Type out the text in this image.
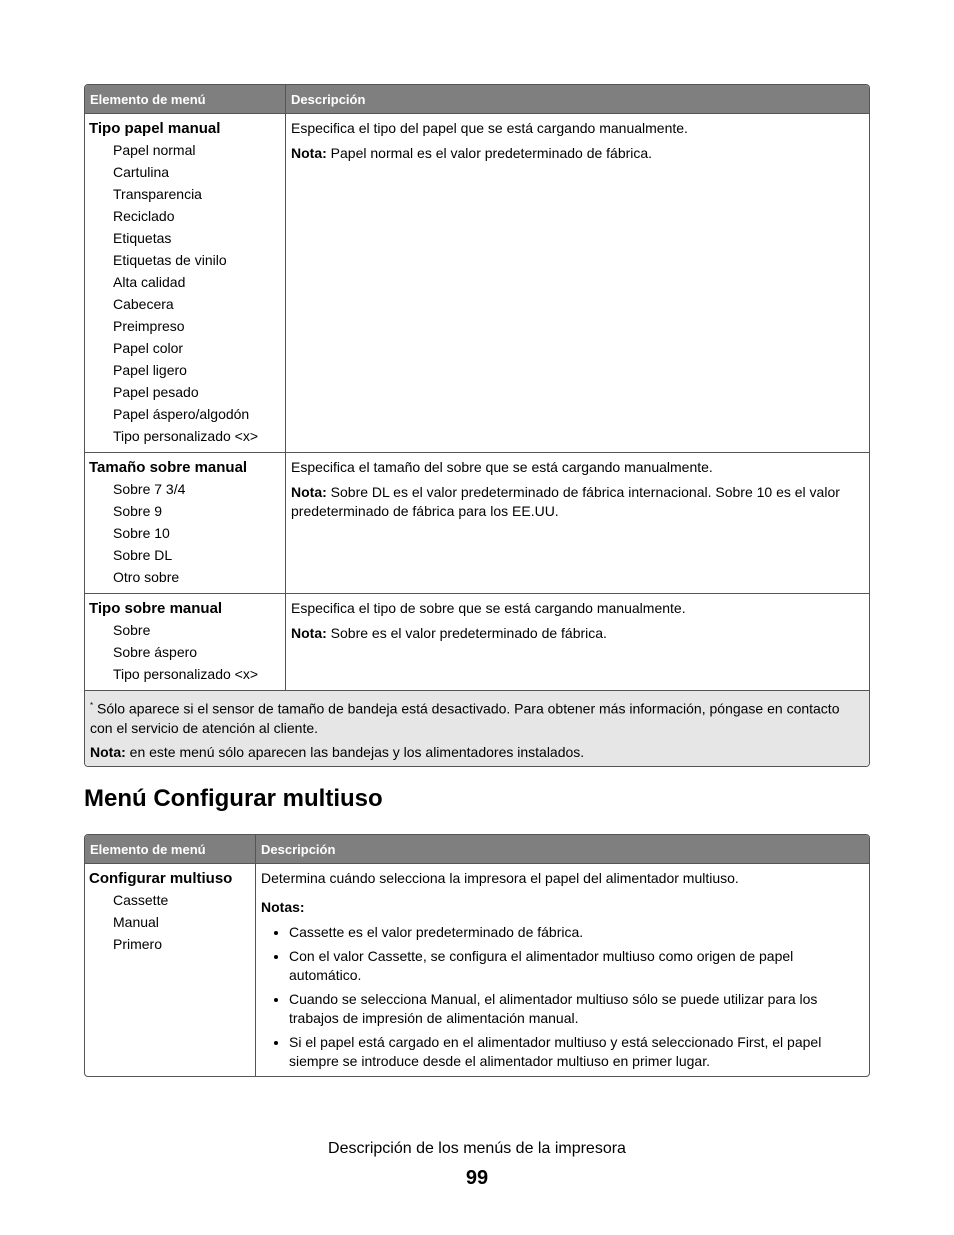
Elemento de menú	Descripción
Tipo papel manual
Papel normal
Cartulina
Transparencia
Reciclado
Etiquetas
Etiquetas de vinilo
Alta calidad
Cabecera
Preimpreso
Papel color
Papel ligero
Papel pesado
Papel áspero/algodón
Tipo personalizado <x>

Especifica el tipo del papel que se está cargando manualmente.

Nota: Papel normal es el valor predeterminado de fábrica.

Tamaño sobre manual
Sobre 7 3/4
Sobre 9
Sobre 10
Sobre DL
Otro sobre

Especifica el tamaño del sobre que se está cargando manualmente.

Nota: Sobre DL es el valor predeterminado de fábrica internacional. Sobre 10 es el valor predeterminado de fábrica para los EE.UU.

Tipo sobre manual
Sobre
Sobre áspero
Tipo personalizado <x>

Especifica el tipo de sobre que se está cargando manualmente.

Nota: Sobre es el valor predeterminado de fábrica.

* Sólo aparece si el sensor de tamaño de bandeja está desactivado. Para obtener más información, póngase en contacto con el servicio de atención al cliente.

Nota: en este menú sólo aparecen las bandejas y los alimentadores instalados.

Menú Configurar multiuso
Elemento de menú	Descripción
Configurar multiuso
Cassette
Manual
Primero

Determina cuándo selecciona la impresora el papel del alimentador multiuso.

Notas:

• Cassette es el valor predeterminado de fábrica.
• Con el valor Cassette, se configura el alimentador multiuso como origen de papel automático.
• Cuando se selecciona Manual, el alimentador multiuso sólo se puede utilizar para los trabajos de impresión de alimentación manual.
• Si el papel está cargado en el alimentador multiuso y está seleccionado First, el papel siempre se introduce desde el alimentador multiuso en primer lugar.
Descripción de los menús de la impresora
99
